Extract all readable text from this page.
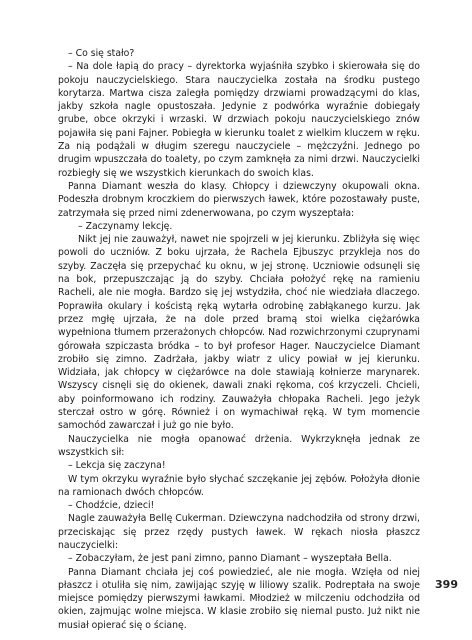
– Co się stało?

– Na dole łapią do pracy – dyrektorka wyjaśniła szybko i skierowała się do pokoju nauczycielskiego. Stara nauczycielka została na środku pustego korytarza. Martwa cisza zaległa pomiędzy drzwiami prowadzącymi do klas, jakby szkoła nagle opustoszała. Jedynie z podwórka wyraźnie dobiegały grube, obce okrzyki i wrzaski. W drzwiach pokoju nauczycielskiego znów pojawiła się pani Fajner. Pobiegła w kierunku toalet z wielkim kluczem w ręku. Za nią podążali w długim szeregu nauczyciele – mężczyźni. Jednego po drugim wpuszczała do toalety, po czym zamknęła za nimi drzwi. Nauczycielki rozbiegły się we wszystkich kierunkach do swoich klas.

Panna Diamant weszła do klasy. Chłopcy i dziewczyny okupowali okna. Podeszła drobnym kroczkiem do pierwszych ławek, które pozostawały puste, zatrzymała się przed nimi zdenerwowana, po czym wyszeptała:

– Zaczynamy lekcję.

Nikt jej nie zauważył, nawet nie spojrzeli w jej kierunku. Zbliżyła się więc powoli do uczniów. Z boku ujrzała, że Rachela Ejbuszyc przykleja nos do szyby. Zaczęła się przepychać ku oknu, w jej stronę. Uczniowie odsunęli się na bok, przepuszczając ją do szyby. Chciała położyć rękę na ramieniu Racheli, ale nie mogła. Bardzo się jej wstydziła, choć nie wiedziała dlaczego. Poprawiła okulary i kościstą ręką wytarła odrobinę zabłąkanego kurzu. Jak przez mgłę ujrzała, że na dole przed bramą stoi wielka ciężarówka wypełniona tłumem przerażonych chłopców. Nad rozwichrzonymi czuprynami górowała szpiczasta bródka – to był profesor Hager. Nauczycielce Diamant zrobiło się zimno. Zadrżała, jakby wiatr z ulicy powiał w jej kierunku. Widziała, jak chłopcy w ciężarówce na dole stawiają kołnierze marynarek. Wszyscy cisnęli się do okienek, dawali znaki rękoma, coś krzyczeli. Chcieli, aby poinformowano ich rodziny. Zauważyła chłopaka Racheli. Jego jeżyk sterczał ostro w górę. Również i on wymachiwał ręką. W tym momencie samochód zawarczał i już go nie było.

Nauczycielka nie mogła opanować drżenia. Wykrzyknęła jednak ze wszystkich sił:

– Lekcja się zaczyna!

W tym okrzyku wyraźnie było słychać szczękanie jej zębów. Położyła dłonie na ramionach dwóch chłopców.

– Chodźcie, dzieci!

Nagle zauważyła Bellę Cukerman. Dziewczyna nadchodziła od strony drzwi, przeciskając się przez rzędy pustych ławek. W rękach niosła płaszcz nauczycielki:

– Zobaczyłam, że jest pani zimno, panno Diamant – wyszeptała Bella.

Panna Diamant chciała jej coś powiedzieć, ale nie mogła. Wzięła od niej płaszcz i otuliła się nim, zawijając szyję w liliowy szalik. Podreptała na swoje miejsce pomiędzy pierwszymi ławkami. Młodzież w milczeniu odchodziła od okien, zajmując wolne miejsca. W klasie zrobiło się niemal pusto. Już nikt nie musiał opierać się o ścianę.

399
